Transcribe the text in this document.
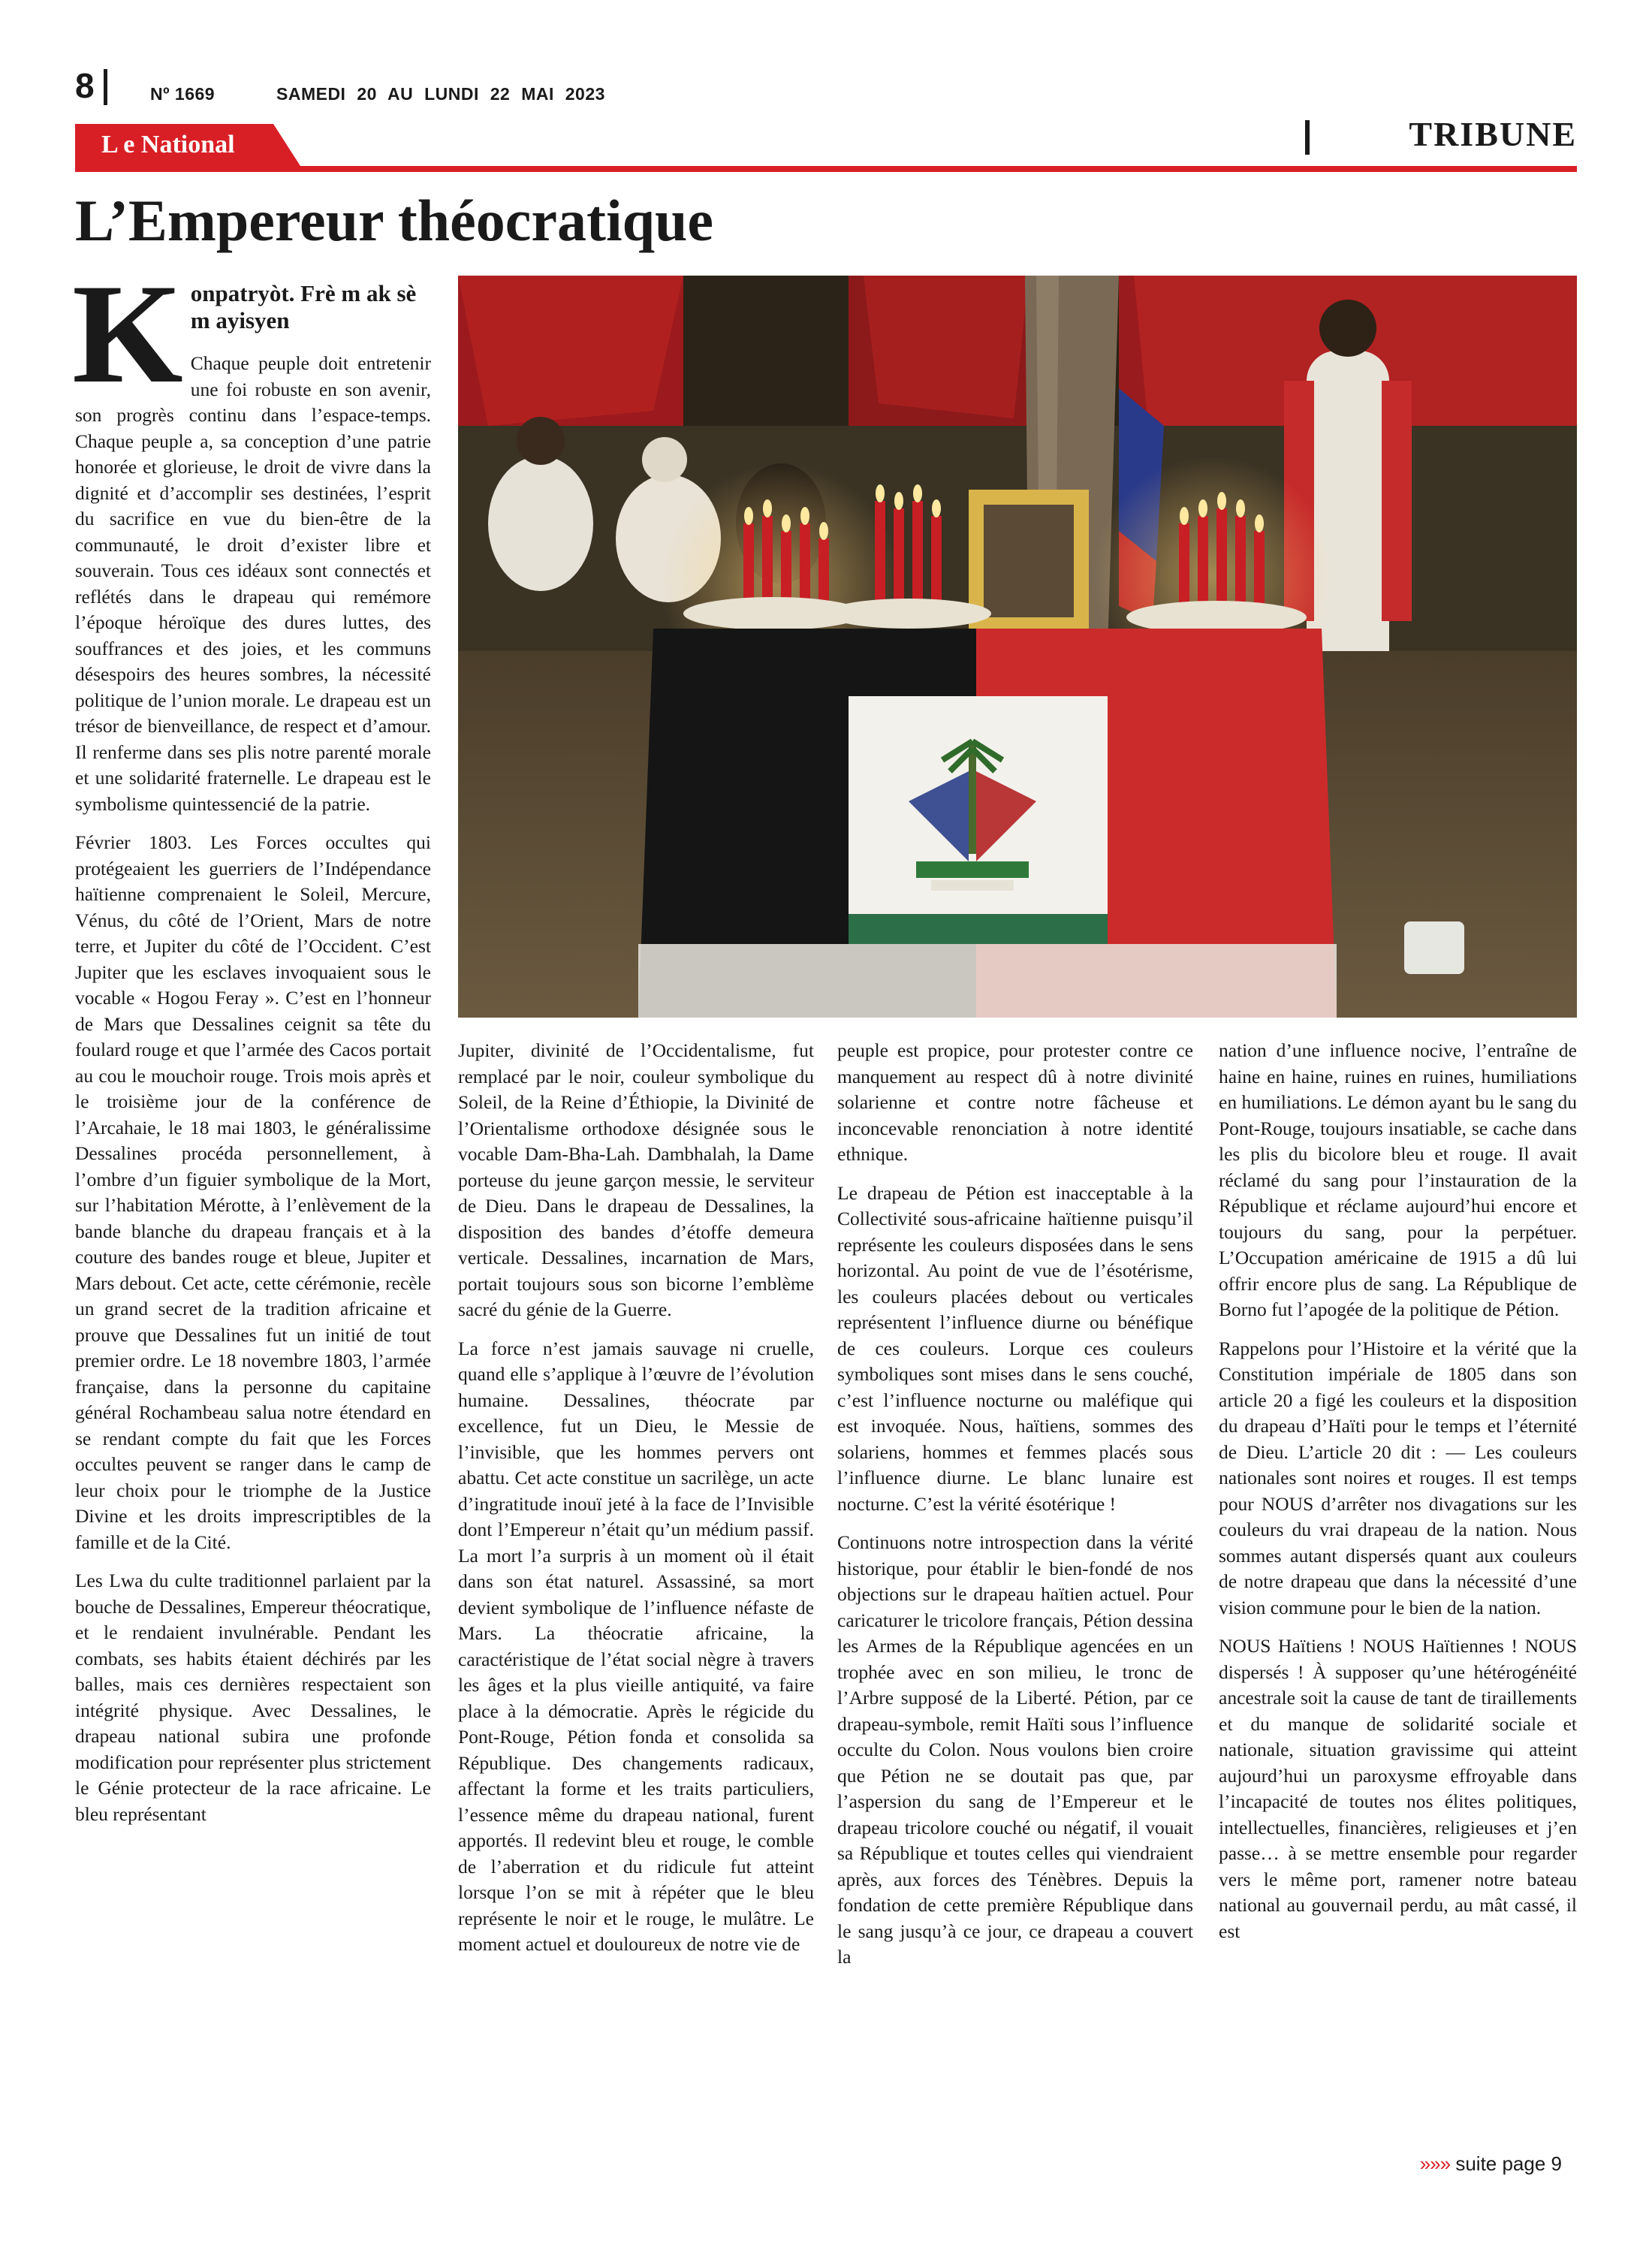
8	Nº 1669	SAMEDI 20 AU LUNDI 22 MAI 2023
L e National	TRIBUNE
L’Empereur théocratique
K onpatryòt. Frè m ak sè m ayisyen

Chaque peuple doit entretenir une foi robuste en son avenir, son progrès continu dans l’espace-temps. Chaque peuple a, sa conception d’une patrie honorée et glorieuse, le droit de vivre dans la dignité et d’accomplir ses destinées, l’esprit du sacrifice en vue du bien-être de la communauté, le droit d’exister libre et souverain. Tous ces idéaux sont connectés et reflétés dans le drapeau qui remémore l’époque héroïque des dures luttes, des souffrances et des joies, et les communs désespoirs des heures sombres, la nécessité politique de l’union morale. Le drapeau est un trésor de bienveillance, de respect et d’amour. Il renferme dans ses plis notre parenté morale et une solidarité fraternelle. Le drapeau est le symbolisme quintessencié de la patrie.

Février 1803. Les Forces occultes qui protégeaient les guerriers de l’Indépendance haïtienne comprenaient le Soleil, Mercure, Vénus, du côté de l’Orient, Mars de notre terre, et Jupiter du côté de l’Occident. C’est Jupiter que les esclaves invoquaient sous le vocable « Hogou Feray ». C’est en l’honneur de Mars que Dessalines ceignit sa tête du foulard rouge et que l’armée des Cacos portait au cou le mouchoir rouge. Trois mois après et le troisième jour de la conférence de l’Arcahaie, le 18 mai 1803, le généralissime Dessalines procéda personnellement, à l’ombre d’un figuier symbolique de la Mort, sur l’habitation Mérotte, à l’enlèvement de la bande blanche du drapeau français et à la couture des bandes rouge et bleue, Jupiter et Mars debout. Cet acte, cette cérémonie, recèle un grand secret de la tradition africaine et prouve que Dessalines fut un initié de tout premier ordre. Le 18 novembre 1803, l’armée française, dans la personne du capitaine général Rochambeau salua notre étendard en se rendant compte du fait que les Forces occultes peuvent se ranger dans le camp de leur choix pour le triomphe de la Justice Divine et les droits imprescriptibles de la famille et de la Cité.

Les Lwa du culte traditionnel parlaient par la bouche de Dessalines, Empereur théocratique, et le rendaient invulnérable. Pendant les combats, ses habits étaient déchirés par les balles, mais ces dernières respectaient son intégrité physique. Avec Dessalines, le drapeau national subira une profonde modification pour représenter plus strictement le Génie protecteur de la race africaine. Le bleu représentant

Jupiter, divinité de l’Occidentalisme, fut remplacé par le noir, couleur symbolique du Soleil, de la Reine d’Éthiopie, la Divinité de l’Orientalisme orthodoxe désignée sous le vocable Dam-Bha-Lah. Dambhalah, la Dame porteuse du jeune garçon messie, le serviteur de Dieu. Dans le drapeau de Dessalines, la disposition des bandes d’étoffe demeura verticale. Dessalines, incarnation de Mars, portait toujours sous son bicorne l’emblème sacré du génie de la Guerre.

La force n’est jamais sauvage ni cruelle, quand elle s’applique à l’œuvre de l’évolution humaine. Dessalines, théocrate par excellence, fut un Dieu, le Messie de l’invisible, que les hommes pervers ont abattu. Cet acte constitue un sacrilège, un acte d’ingratitude inouï jeté à la face de l’Invisible dont l’Empereur n’était qu’un médium passif. La mort l’a surpris à un moment où il était dans son état naturel. Assassiné, sa mort devient symbolique de l’influence néfaste de Mars. La théocratie africaine, la caractéristique de l’état social nègre à travers les âges et la plus vieille antiquité, va faire place à la démocratie. Après le régicide du Pont-Rouge, Pétion fonda et consolida sa République. Des changements radicaux, affectant la forme et les traits particuliers, l’essence même du drapeau national, furent apportés. Il redevint bleu et rouge, le comble de l’aberration et du ridicule fut atteint lorsque l’on se mit à répéter que le bleu représente le noir et le rouge, le mulâtre. Le moment actuel et douloureux de notre vie de

peuple est propice, pour protester contre ce manquement au respect dû à notre divinité solarienne et contre notre fâcheuse et inconcevable renonciation à notre identité ethnique.

Le drapeau de Pétion est inacceptable à la Collectivité sous-africaine haïtienne puisqu’il représente les couleurs disposées dans le sens horizontal. Au point de vue de l’ésotérisme, les couleurs placées debout ou verticales représentent l’influence diurne ou bénéfique de ces couleurs. Lorque ces couleurs symboliques sont mises dans le sens couché, c’est l’influence nocturne ou maléfique qui est invoquée. Nous, haïtiens, sommes des solariens, hommes et femmes placés sous l’influence diurne. Le blanc lunaire est nocturne. C’est la vérité ésotérique !

Continuons notre introspection dans la vérité historique, pour établir le bien-fondé de nos objections sur le drapeau haïtien actuel. Pour caricaturer le tricolore français, Pétion dessina les Armes de la République agencées en un trophée avec en son milieu, le tronc de l’Arbre supposé de la Liberté. Pétion, par ce drapeau-symbole, remit Haïti sous l’influence occulte du Colon. Nous voulons bien croire que Pétion ne se doutait pas que, par l’aspersion du sang de l’Empereur et le drapeau tricolore couché ou négatif, il vouait sa République et toutes celles qui viendraient après, aux forces des Ténèbres. Depuis la fondation de cette première République dans le sang jusqu’à ce jour, ce drapeau a couvert la

nation d’une influence nocive, l’entraîne de haine en haine, ruines en ruines, humiliations en humiliations. Le démon ayant bu le sang du Pont-Rouge, toujours insatiable, se cache dans les plis du bicolore bleu et rouge. Il avait réclamé du sang pour l’instauration de la République et réclame aujourd’hui encore et toujours du sang, pour la perpétuer. L’Occupation américaine de 1915 a dû lui offrir encore plus de sang. La République de Borno fut l’apogée de la politique de Pétion.

Rappelons pour l’Histoire et la vérité que la Constitution impériale de 1805 dans son article 20 a figé les couleurs et la disposition du drapeau d’Haïti pour le temps et l’éternité de Dieu. L’article 20 dit : — Les couleurs nationales sont noires et rouges. Il est temps pour NOUS d’arrêter nos divagations sur les couleurs du vrai drapeau de la nation. Nous sommes autant dispersés quant aux couleurs de notre drapeau que dans la nécessité d’une vision commune pour le bien de la nation.

NOUS Haïtiens ! NOUS Haïtiennes ! NOUS dispersés ! À supposer qu’une hétérogénéité ancestrale soit la cause de tant de tiraillements et du manque de solidarité sociale et nationale, situation gravissime qui atteint aujourd’hui un paroxysme effroyable dans l’incapacité de toutes nos élites politiques, intellectuelles, financières, religieuses et j’en passe… à se mettre ensemble pour regarder vers le même port, ramener notre bateau national au gouvernail perdu, au mât cassé, il est

»»» suite page 9
